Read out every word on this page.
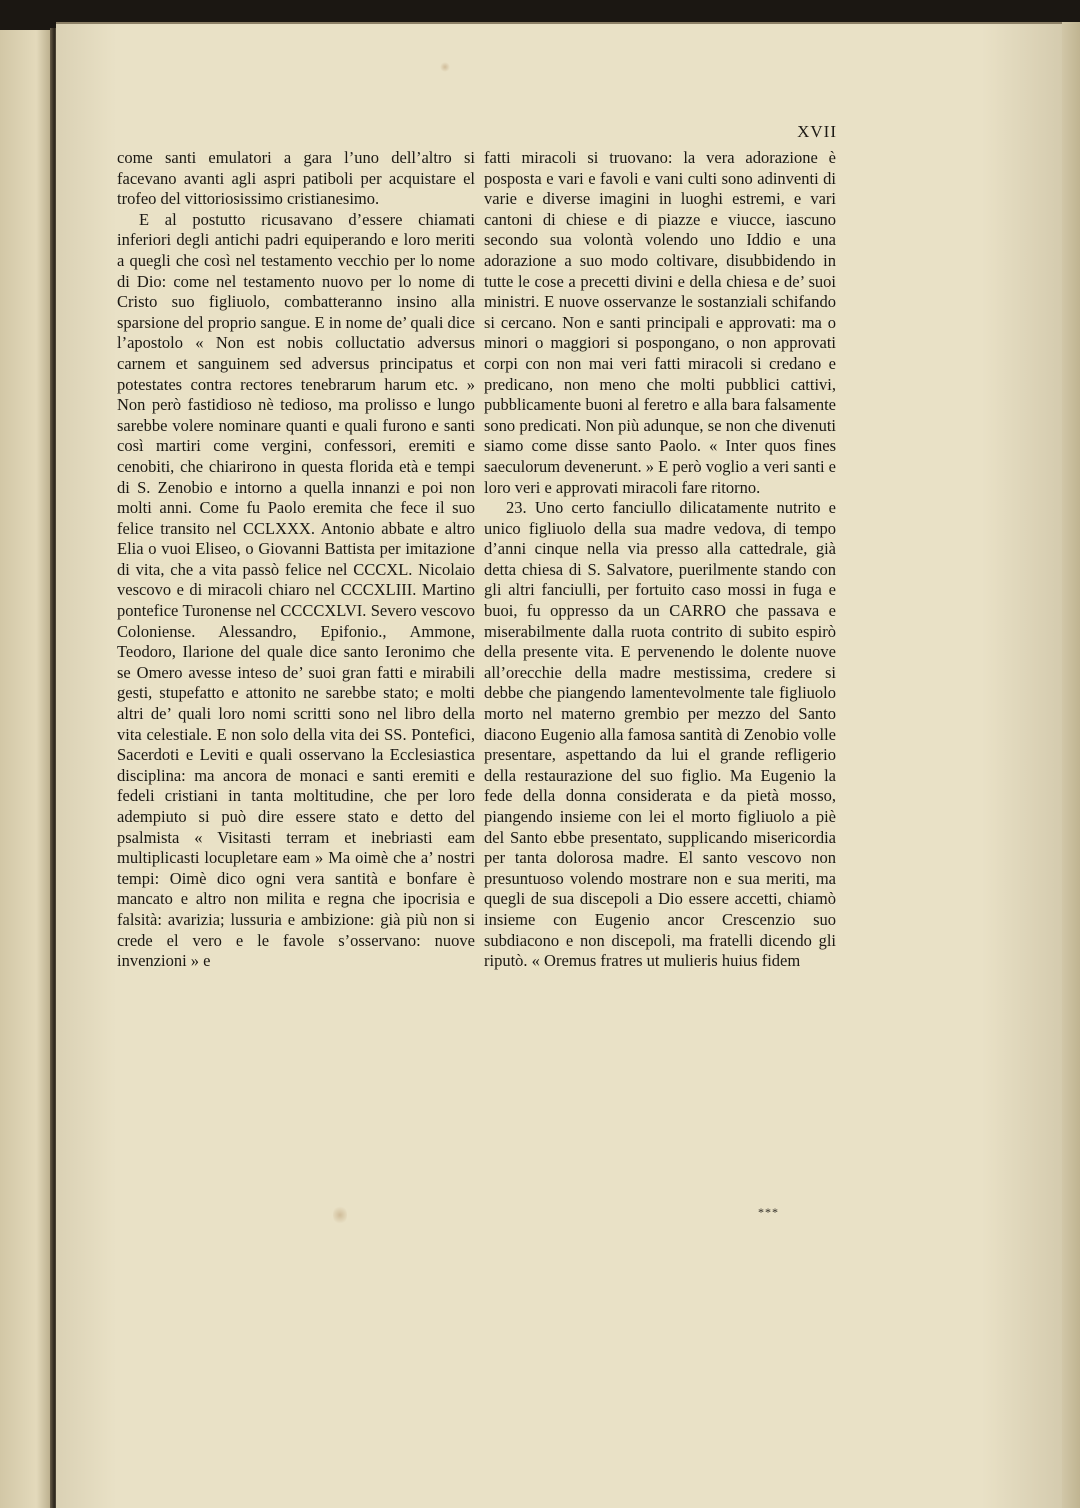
XVII

come santi emulatori a gara l’uno dell’altro si facevano avanti agli aspri patiboli per acquistare el trofeo del vittoriosissimo cristianesimo.

E al postutto ricusavano d’essere chiamati inferiori degli antichi padri equiperando e loro meriti a quegli che così nel testamento vecchio per lo nome di Dio: come nel testamento nuovo per lo nome di Cristo suo figliuolo, combatteranno insino alla sparsione del proprio sangue. E in nome de’ quali dice l’apostolo « Non est nobis colluctatio adversus carnem et sanguinem sed adversus principatus et potestates contra rectores tenebrarum harum etc. » Non però fastidioso nè tedioso, ma prolisso e lungo sarebbe volere nominare quanti e quali furono e santi così martiri come vergini, confessori, eremiti e cenobiti, che chiarirono in questa florida età e tempi di S. Zenobio e intorno a quella innanzi e poi non molti anni. Come fu Paolo eremita che fece il suo felice transito nel CCLXXX. Antonio abbate e altro Elia o vuoi Eliseo, o Giovanni Battista per imitazione di vita, che a vita passò felice nel CCCXL. Nicolaio vescovo e di miracoli chiaro nel CCCXLIII. Martino pontefice Turonense nel CCCCXLVI. Severo vescovo Coloniense. Alessandro, Epifonio., Ammone, Teodoro, Ilarione del quale dice santo Ieronimo che se Omero avesse inteso de’ suoi gran fatti e mirabili gesti, stupefatto e attonito ne sarebbe stato; e molti altri de’ quali loro nomi scritti sono nel libro della vita celestiale. E non solo della vita dei SS. Pontefici, Sacerdoti e Leviti e quali osservano la Ecclesiastica disciplina: ma ancora de monaci e santi eremiti e fedeli cristiani in tanta moltitudine, che per loro adempiuto si può dire essere stato e detto del psalmista « Visitasti terram et inebriasti eam multiplicasti locupletare eam » Ma oimè che a’ nostri tempi: Oimè dico ogni vera santità e bonfare è mancato e altro non milita e regna che ipocrisia e falsità: avarizia; lussuria e ambizione: già più non si crede el vero e le favole s’osservano: nuove invenzioni » e

fatti miracoli si truovano: la vera adorazione è posposta e vari e favoli e vani culti sono adinventi di varie e diverse imagini in luoghi estremi, e vari cantoni di chiese e di piazze e viucce, iascuno secondo sua volontà volendo uno Iddio e una adorazione a suo modo coltivare, disubbidendo in tutte le cose a precetti divini e della chiesa e de’ suoi ministri. E nuove osservanze le sostanziali schifando si cercano. Non e santi principali e approvati: ma o minori o maggiori si pospongano, o non approvati corpi con non mai veri fatti miracoli si credano e predicano, non meno che molti pubblici cattivi, pubblicamente buoni al feretro e alla bara falsamente sono predicati. Non più adunque, se non che divenuti siamo come disse santo Paolo. « Inter quos fines saeculorum devenerunt. » E però voglio a veri santi e loro veri e approvati miracoli fare ritorno.

23. Uno certo fanciullo dilicatamente nutrito e unico figliuolo della sua madre vedova, di tempo d’anni cinque nella via presso alla cattedrale, già detta chiesa di S. Salvatore, puerilmente stando con gli altri fanciulli, per fortuito caso mossi in fuga e buoi, fu oppresso da un CARRO che passava e miserabilmente dalla ruota contrito di subito espirò della presente vita. E pervenendo le dolente nuove all’orecchie della madre mestissima, credere si debbe che piangendo lamentevolmente tale figliuolo morto nel materno grembio per mezzo del Santo diacono Eugenio alla famosa santità di Zenobio volle presentare, aspettando da lui el grande refligerio della restaurazione del suo figlio. Ma Eugenio la fede della donna considerata e da pietà mosso, piangendo insieme con lei el morto figliuolo a piè del Santo ebbe presentato, supplicando misericordia per tanta dolorosa madre. El santo vescovo non presuntuoso volendo mostrare non e sua meriti, ma quegli de sua discepoli a Dio essere accetti, chiamò insieme con Eugenio ancor Crescenzio suo subdiacono e non discepoli, ma fratelli dicendo gli riputò. « Oremus fratres ut mulieris huius fidem

***
